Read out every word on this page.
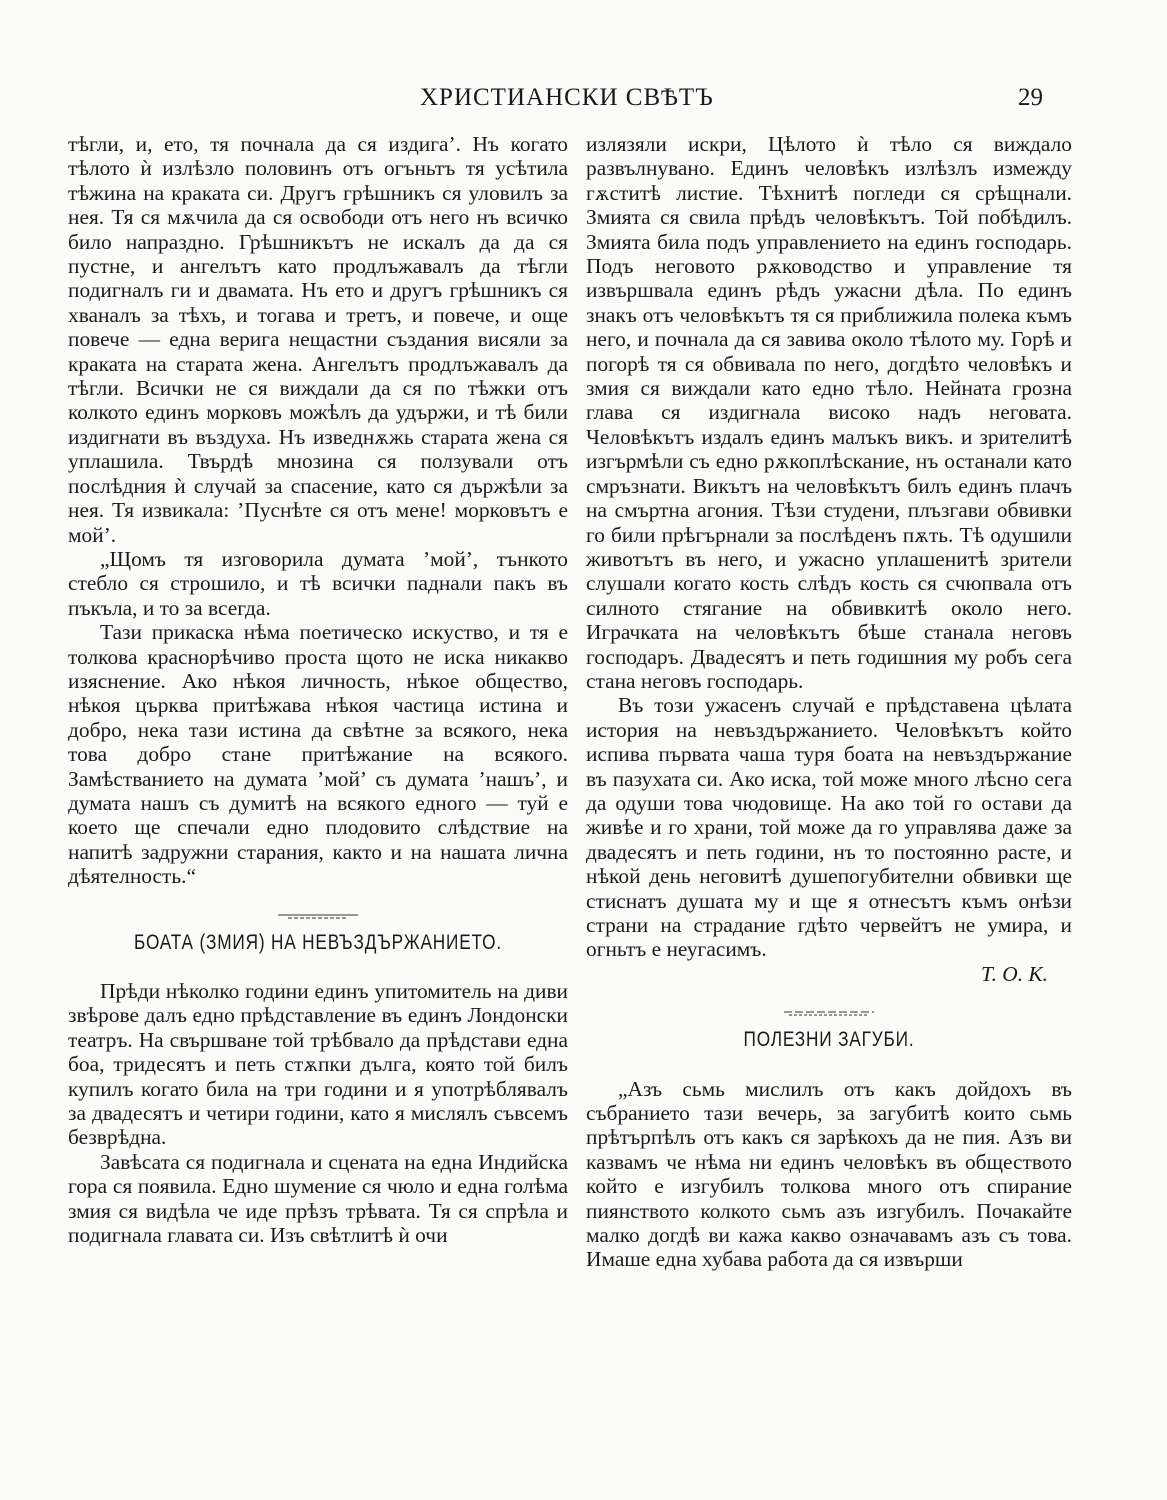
ХРИСТИАНСКИ СВѢТЪ	29

тѣгли, и, ето, тя почнала да ся издига’. Нъ когато тѣлото ѝ излѣзло половинъ отъ огъньтъ тя усѣтила тѣжина на краката си. Другъ грѣшникъ ся уловилъ за нея. Тя ся мѫчила да ся освободи отъ него нъ всичко било напраздно. Грѣшникътъ не искалъ да да ся пустне, и ангелътъ като продлъжавалъ да тѣгли подигналъ ги и двамата. Нъ ето и другъ грѣшникъ ся хваналъ за тѣхъ, и тогава и третъ, и повече, и още повече — една верига нещастни създания висяли за краката на старата жена. Ангелътъ продлъжавалъ да тѣгли. Всички не ся виждали да ся по тѣжки отъ колкото единъ морковъ можѣлъ да удържи, и тѣ били издигнати въ въздуха. Нъ изведнѫжь старата жена ся уплашила. Твърдѣ мнозина ся ползували отъ послѣдния ѝ случай за спасение, като ся държѣли за нея. Тя извикала: ’Пуснѣте ся отъ мене! морковътъ е мой’.

„Щомъ тя изговорила думата ’мой’, тънкото стебло ся строшило, и тѣ всички паднали пакъ въ пъкъла, и то за всегда.

Тази прикаска нѣма поетическо искуство, и тя е толкова краснорѣчиво проста щото не иска никакво изяснение. Ако нѣкоя личность, нѣкое общество, нѣкоя църква притѣжава нѣкоя частица истина и добро, нека тази истина да свѣтне за всякого, нека това добро стане притѣжание на всякого. Замѣстванието на думата ’мой’ съ думата ’нашъ’, и думата нашъ съ думитѣ на всякого едного — туй е което ще спечали едно плодовито слѣдствие на напитѣ задружни старания, както и на нашата лична дѣятелность.“

БОАТА (ЗМИЯ) НА НЕВЪЗДЪРЖАНИЕТО.

Прѣди нѣколко години единъ упитомитель на диви звѣрове далъ едно прѣдставление въ единъ Лондонски театръ. На свършване той трѣбвало да прѣдстави една боа, тридесятъ и петь стѫпки дълга, която той билъ купилъ когато била на три години и я употрѣблявалъ за двадесятъ и четири години, като я мислялъ съвсемъ безврѣдна.

Завѣсата ся подигнала и сцената на една Индийска гора ся появила. Едно шумение ся чюло и една голѣма змия ся видѣла че иде прѣзъ трѣвата. Тя ся спрѣла и подигнала главата си. Изъ свѣтлитѣ ѝ очи

излязяли искри, Цѣлото ѝ тѣло ся виждало развълнувано. Единъ человѣкъ излѣзлъ измежду гѫститѣ листие. Тѣхнитѣ погледи ся срѣщнали. Змията ся свила прѣдъ человѣкътъ. Той побѣдилъ. Змията била подъ управлението на единъ господарь. Подъ неговото рѫководство и управление тя извършвала единъ рѣдъ ужасни дѣла. По единъ знакъ отъ человѣкътъ тя ся приближила полека къмъ него, и почнала да ся завива около тѣлото му. Горѣ и погорѣ тя ся обвивала по него, догдѣто человѣкъ и змия ся виждали като едно тѣло. Нейната грозна глава ся издигнала високо надъ неговата. Человѣкътъ издалъ единъ малъкъ викъ. и зрителитѣ изгърмѣли съ едно рѫкоплѣскание, нъ останали като смръзнати. Викътъ на человѣкътъ билъ единъ плачъ на смъртна агония. Тѣзи студени, плъзгави обвивки го били прѣгърнали за послѣденъ пѫть. Тѣ одушили животътъ въ него, и ужасно уплашенитѣ зрители слушали когато кость слѣдъ кость ся счюпвала отъ силното стягание на обвивкитѣ около него. Играчката на человѣкътъ бѣше станала неговъ господаръ. Двадесятъ и петь годишния му робъ сега стана неговъ господарь.

Въ този ужасенъ случай е прѣдставена цѣлата история на невъздържанието. Человѣкътъ който испива първата чаша туря боата на невъздържание въ пазухата си. Ако иска, той може много лѣсно сега да одуши това чюдовище. На ако той го остави да живѣе и го храни, той може да го управлява даже за двадесятъ и петь години, нъ то постоянно расте, и нѣкой день неговитѣ душепогубителни обвивки ще стиснатъ душата му и ще я отнесътъ къмъ онѣзи страни на страдание гдѣто червейтъ не умира, и огньтъ е неугасимъ.

Т. О. К.

ПОЛЕЗНИ ЗАГУБИ.

„Азъ сьмь мислилъ отъ какъ дойдохъ въ събранието тази вечерь, за загубитѣ които сьмь прѣтърпѣлъ отъ какъ ся зарѣкохъ да не пия. Азъ ви казвамъ че нѣма ни единъ человѣкъ въ обществото който е изгубилъ толкова много отъ спирание пиянството колкото сьмъ азъ изгубилъ. Почакайте малко догдѣ ви кажа какво означавамъ азъ съ това. Имаше една хубава работа да ся извърши
